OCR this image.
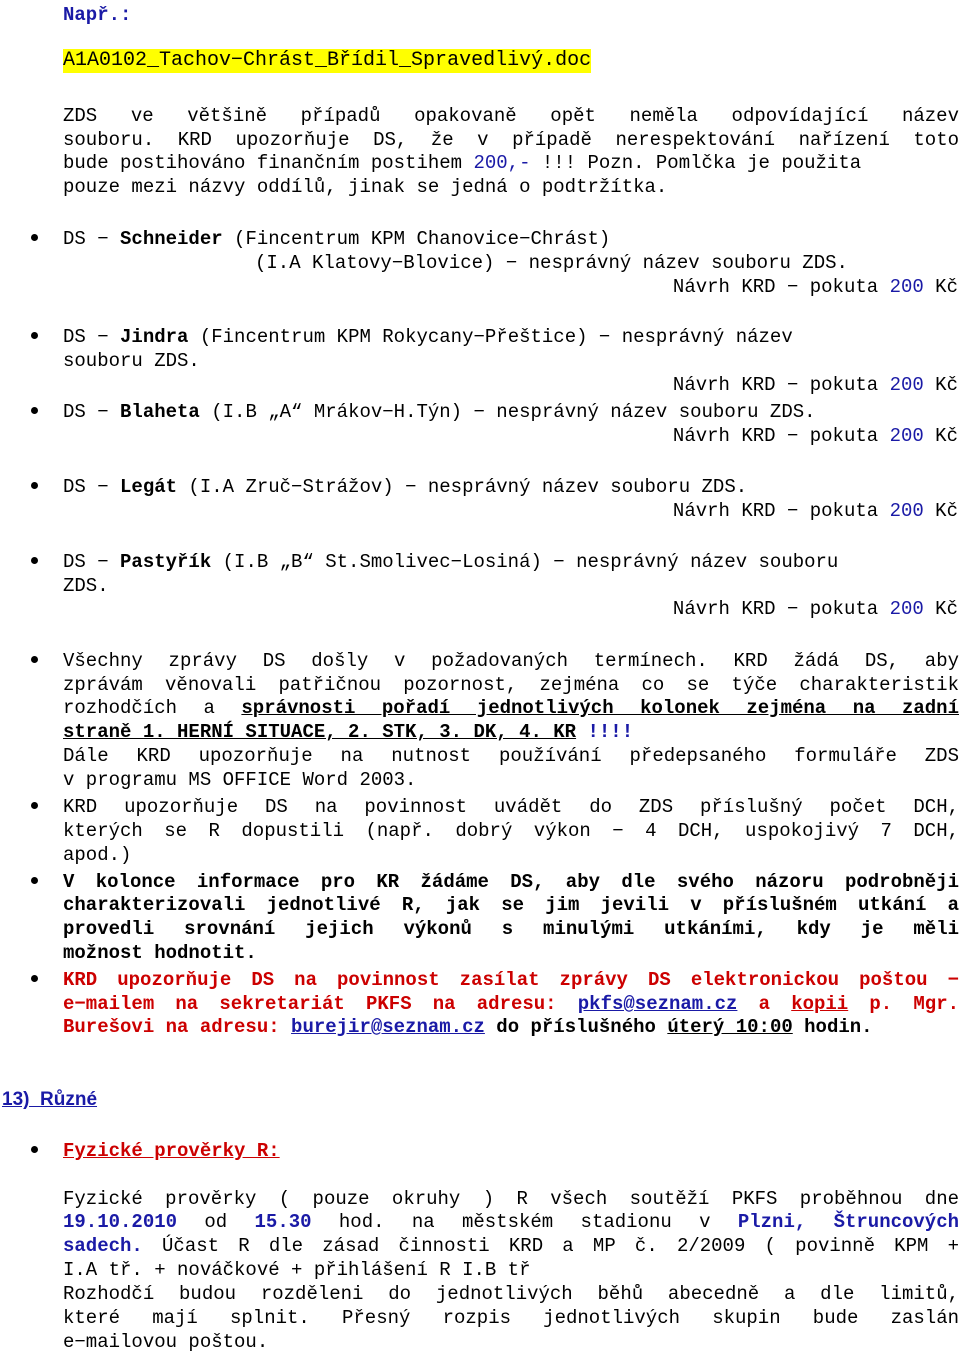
Např.:
A1A0102_Tachov−Chrást_Břídil_Spravedlivý.doc
ZDS ve většině případů opakovaně opět neměla odpovídající název
souboru. KRD upozorňuje DS, že v případě nerespektování nařízení toto
bude postihováno finančním postihem 200,- !!! Pozn. Pomlčka je použita
pouze mezi názvy oddílů, jinak se jedná o podtržítka.
DS − Schneider (Fincentrum KPM Chanovice−Chrást)
(I.A Klatovy−Blovice) − nesprávný název souboru ZDS.
Návrh KRD − pokuta 200 Kč
DS − Jindra (Fincentrum KPM Rokycany−Přeštice) − nesprávný název
souboru ZDS.
Návrh KRD − pokuta 200 Kč
DS − Blaheta (I.B „A“ Mrákov−H.Týn) − nesprávný název souboru ZDS.
Návrh KRD − pokuta 200 Kč
DS − Legát (I.A Zruč−Strážov) − nesprávný název souboru ZDS.
Návrh KRD − pokuta 200 Kč
DS − Pastyřík (I.B „B“ St.Smolivec−Losiná) − nesprávný název souboru
ZDS.
Návrh KRD − pokuta 200 Kč
Všechny zprávy DS došly v požadovaných termínech. KRD žádá DS, aby
zprávám věnovali patřičnou pozornost, zejména co se týče charakteristik
rozhodčích a správnosti pořadí jednotlivých kolonek zejména na zadní
straně 1. HERNÍ SITUACE, 2. STK, 3. DK, 4. KR !!!!
Dále KRD upozorňuje na nutnost používání předepsaného formuláře ZDS
v programu MS OFFICE Word 2003.
KRD upozorňuje DS na povinnost uvádět do ZDS příslušný počet DCH,
kterých se R dopustili (např. dobrý výkon − 4 DCH, uspokojivý 7 DCH,
apod.)
V kolonce informace pro KR žádáme DS, aby dle svého názoru podrobněji
charakterizovali jednotlivé R, jak se jim jevili v příslušném utkání a
provedli srovnání jejich výkonů s minulými utkáními, kdy je měli
možnost hodnotit.
KRD upozorňuje DS na povinnost zasílat zprávy DS elektronickou poštou −
e−mailem na sekretariát PKFS na adresu: pkfs@seznam.cz a kopii p. Mgr.
Burešovi na adresu: burejir@seznam.cz do příslušného úterý 10:00 hodin.
13) Různé
Fyzické prověrky R:
Fyzické prověrky ( pouze okruhy ) R všech soutěží PKFS proběhnou dne
19.10.2010 od 15.30 hod. na městském stadionu v Plzni, Štruncových
sadech. Účast R dle zásad činnosti KRD a MP č. 2/2009 ( povinně KPM +
I.A tř. + nováčkové + přihlášení R I.B tř
Rozhodčí budou rozděleni do jednotlivých běhů abecedně a dle limitů,
které mají splnit. Přesný rozpis jednotlivých skupin bude zaslán
e−mailovou poštou.
